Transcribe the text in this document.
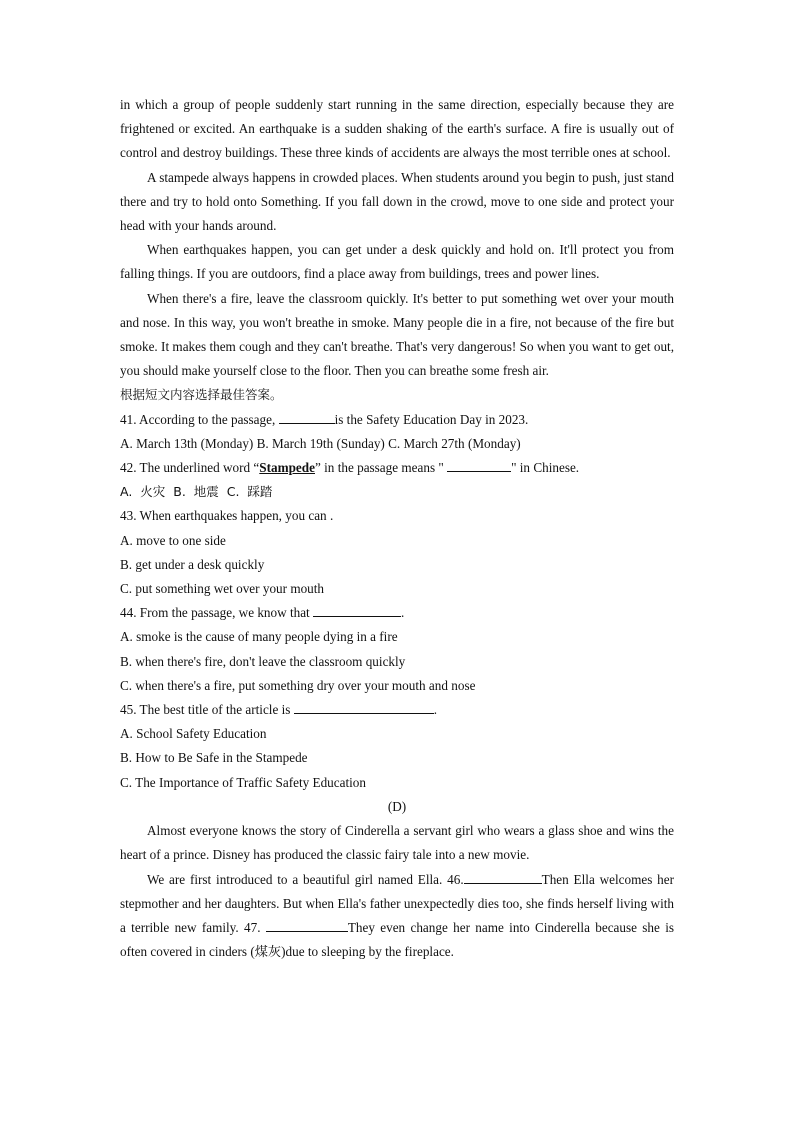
in which a group of people suddenly start running in the same direction, especially because they are frightened or excited. An earthquake is a sudden shaking of the earth's surface. A fire is usually out of control and destroy buildings. These three kinds of accidents are always the most terrible ones at school.

A stampede always happens in crowded places. When students around you begin to push, just stand there and try to hold onto Something. If you fall down in the crowd, move to one side and protect your head with your hands around.

When earthquakes happen, you can get under a desk quickly and hold on. It'll protect you from falling things. If you are outdoors, find a place away from buildings, trees and power lines.

When there's a fire, leave the classroom quickly. It's better to put something wet over your mouth and nose. In this way, you won't breathe in smoke. Many people die in a fire, not because of the fire but smoke. It makes them cough and they can't breathe. That's very dangerous! So when you want to get out, you should make yourself close to the floor. Then you can breathe some fresh air.

根据短文内容选择最佳答案。

41. According to the passage,	is the Safety Education Day in 2023.

A. March 13th (Monday) B. March 19th (Sunday) C. March 27th (Monday)

42. The underlined word “Stampede” in the passage means "	" in Chinese.

A. 火灾 B. 地震 C. 踩踏

43. When earthquakes happen, you can .

A. move to one side

B. get under a desk quickly

C. put something wet over your mouth

44. From the passage, we know that	.

A. smoke is the cause of many people dying in a fire

B. when there's fire, don't leave the classroom quickly

C. when there's a fire, put something dry over your mouth and nose

45. The best title of the article is	.

A. School Safety Education

B. How to Be Safe in the Stampede

C. The Importance of Traffic Safety Education

(D)

Almost everyone knows the story of Cinderella a servant girl who wears a glass shoe and wins the heart of a prince. Disney has produced the classic fairy tale into a new movie.

We are first introduced to a beautiful girl named Ella. 46.	Then Ella welcomes her stepmother and her daughters. But when Ella's father unexpectedly dies too, she finds herself living with a terrible new family. 47.	They even change her name into Cinderella because she is often covered in cinders (煤灰)due to sleeping by the fireplace.
